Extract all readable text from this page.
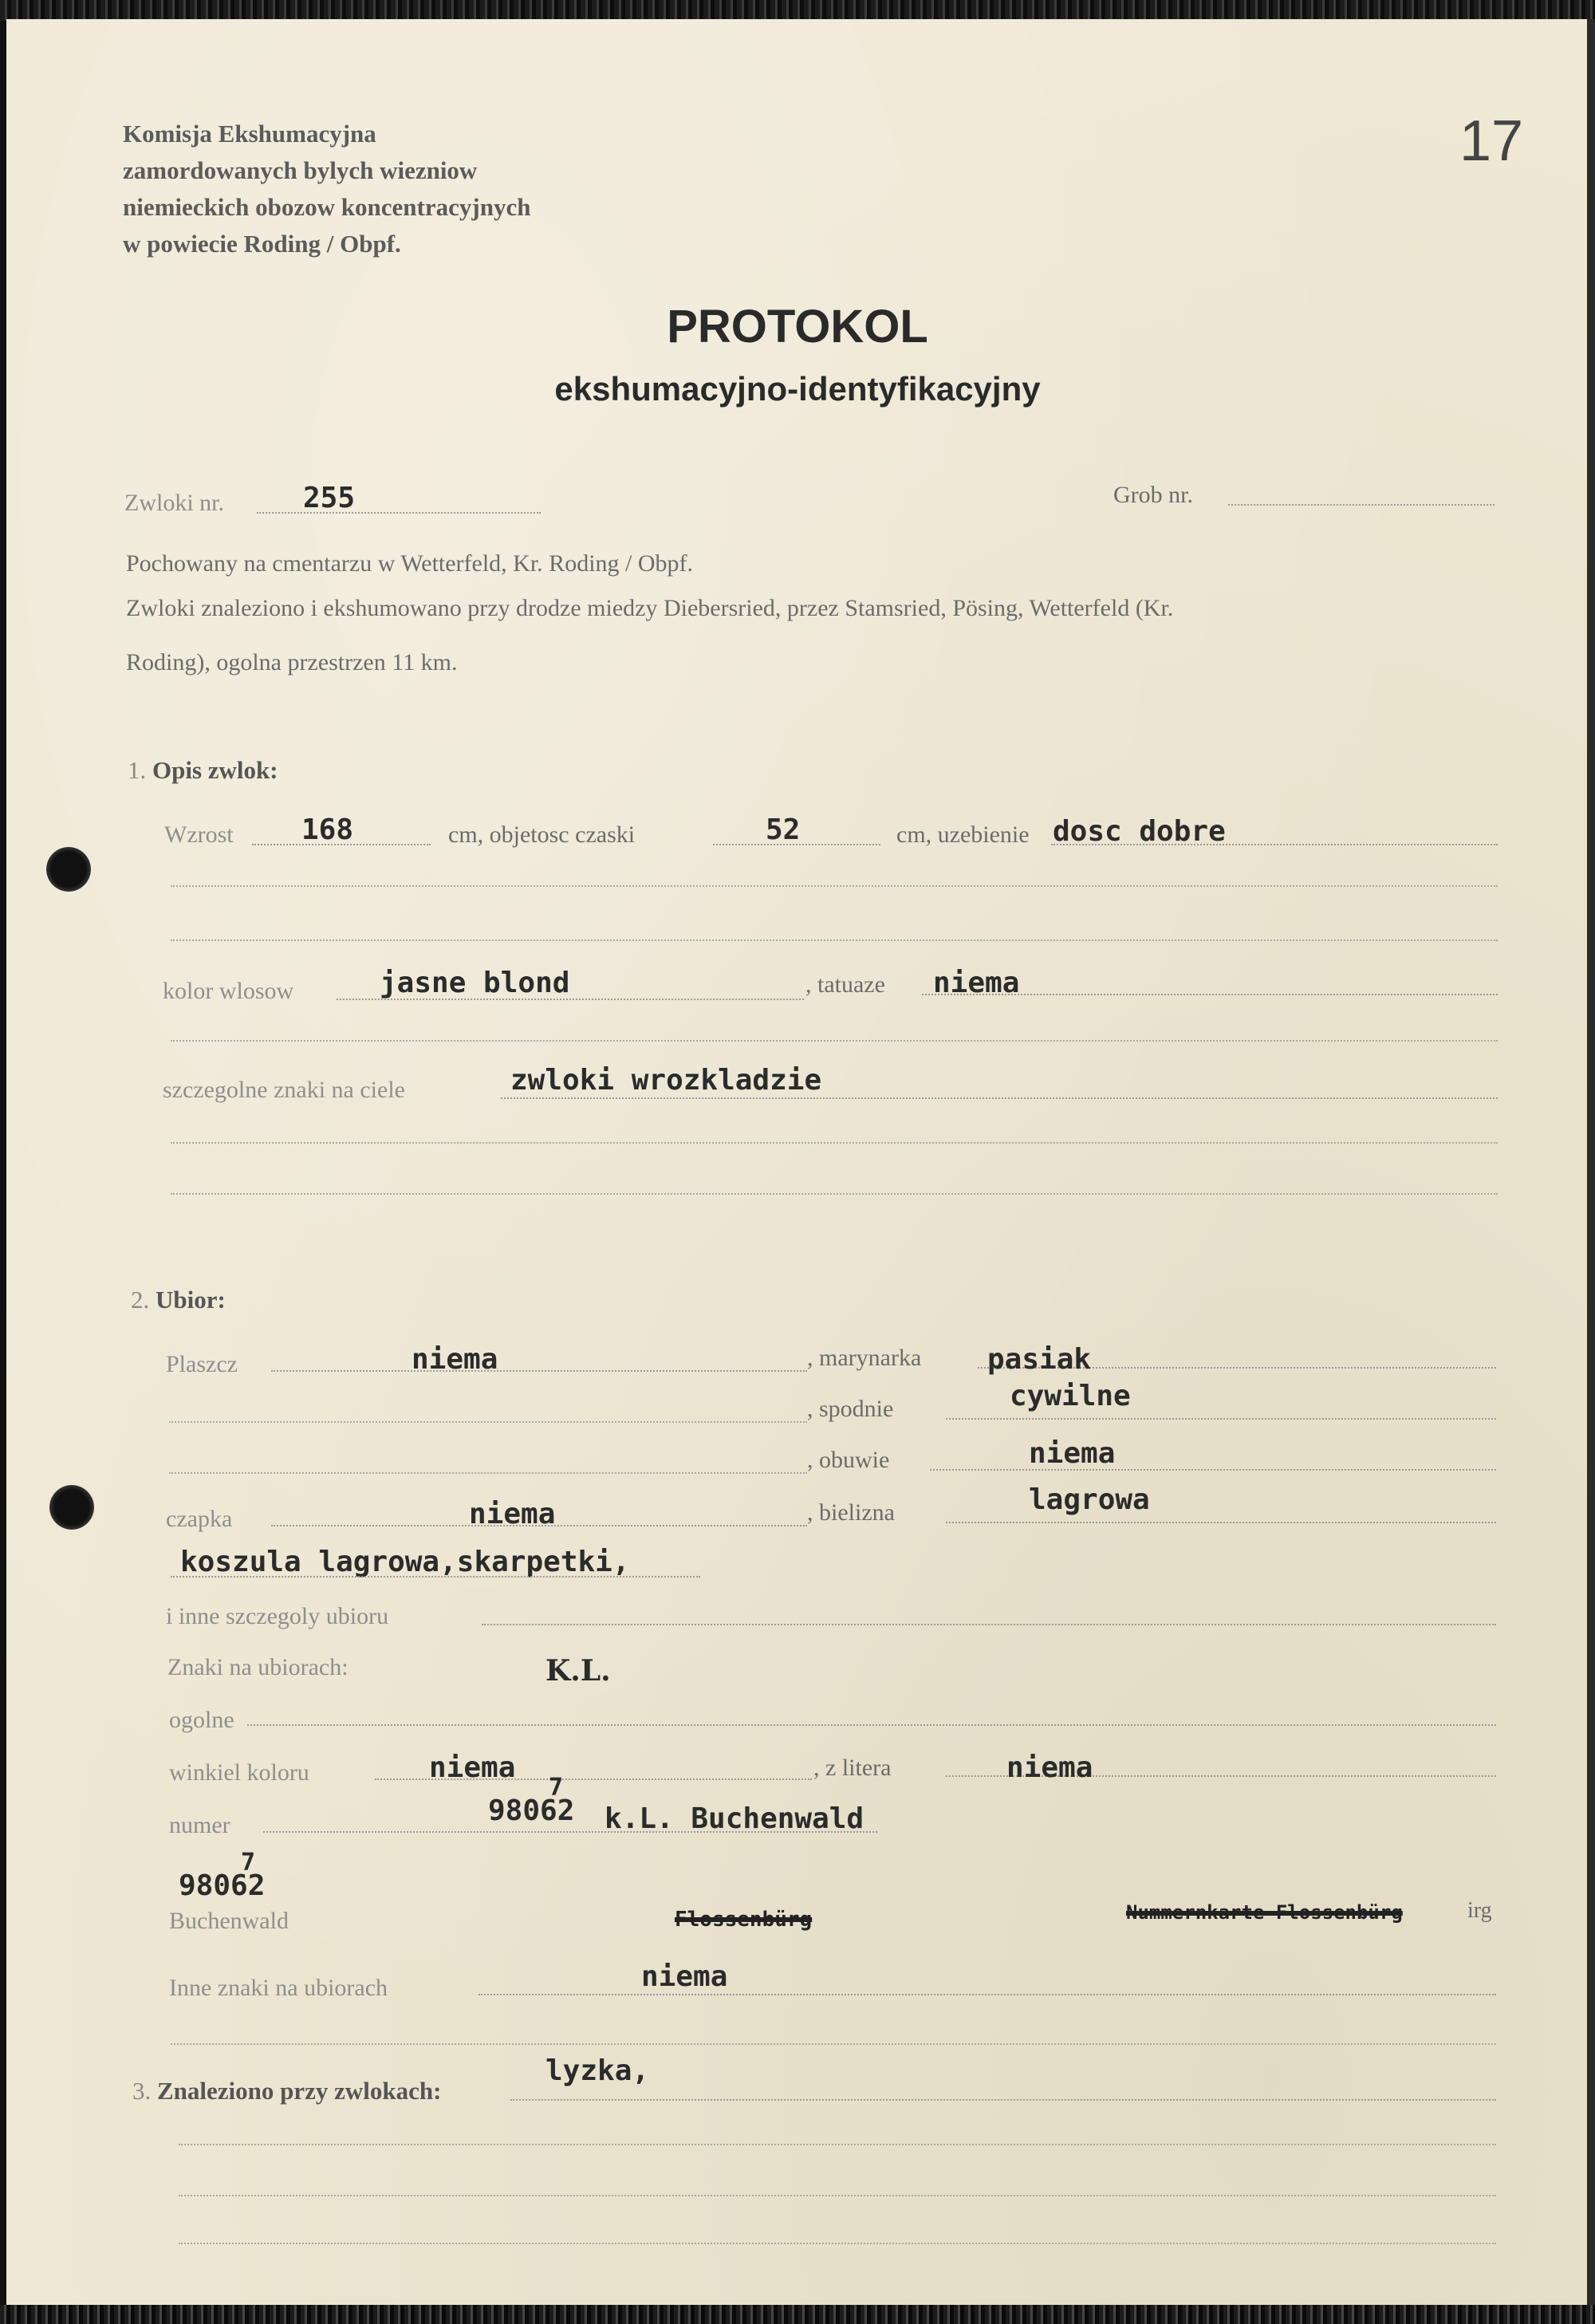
Komisja Ekshumacyjna
zamordowanych bylych wiezniow
niemieckich obozow koncentracyjnych
w powiecie Roding / Obpf.
17
PROTOKOL
ekshumacyjno-identyfikacyjny
Zwloki nr.	255	Grob nr.
Pochowany na cmentarzu w Wetterfeld, Kr. Roding / Obpf.
Zwloki znaleziono i ekshumowano przy drodze miedzy Diebersried, przez Stamsried, Pösing, Wetterfeld (Kr.
Roding), ogolna przestrzen 11 km.
1. Opis zwlok:
Wzrost 168	cm, objetosc czaski	52	cm, uzebienie dosc dobre
kolor wlosow	jasne blond	, tatuaze niema
szczegolne znaki na ciele	zwloki wrozkladzie
2. Ubior:
Plaszcz	niema	, marynarka pasiak
, spodnie	cywilne
, obuwie	niema
czapka	niema	, bielizna	lagrowa
koszula lagrowa,skarpetki,
i inne szczegoly ubioru
Znaki na ubiorach:	K.L.
ogolne
winkiel koloru	niema	, z litera	niema
numer	98062
7
k.L. Buchenwald
98062
7
Buchenwald	Flossenbürg	Nummernkarte Flossenbürg	irg
Inne znaki na ubiorach	niema
3. Znaleziono przy zwlokach:
lyzka,
